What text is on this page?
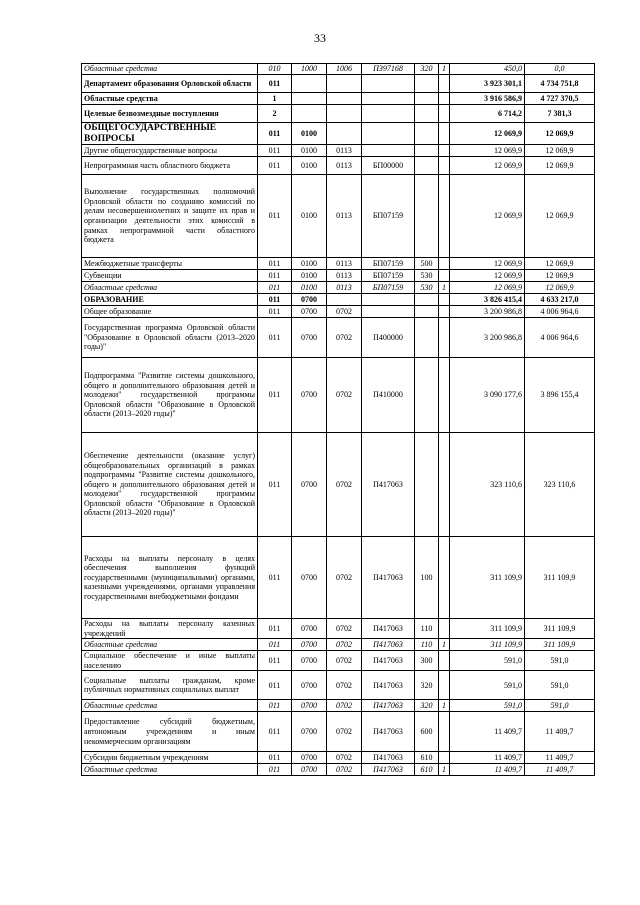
33
Областные средства	010	1000	1006	П397168	320	1	450,0	0,0
Департамент образования Орловской области	011						3 923 301,1	4 734 751,8
Областные средства	1						3 916 586,9	4 727 370,5
Целевые безвозмездные поступления	2						6 714,2	7 381,3
ОБЩЕГОСУДАРСТВЕННЫЕ ВОПРОСЫ	011	0100					12 069,9	12 069,9
Другие общегосударственные вопросы	011	0100	0113				12 069,9	12 069,9
Непрограммная часть областного бюджета	011	0100	0113	БП00000			12 069,9	12 069,9
Выполнение государственных полномочий Орловской области по созданию комиссий по делам несовершеннолетних и защите их прав и организации деятельности этих комиссий в рамках непрограммной части областного бюджета	011	0100	0113	БП07159			12 069,9	12 069,9
Межбюджетные трансферты	011	0100	0113	БП07159	500		12 069,9	12 069,9
Субвенции	011	0100	0113	БП07159	530		12 069,9	12 069,9
Областные средства	011	0100	0113	БП07159	530	1	12 069,9	12 069,9
ОБРАЗОВАНИЕ	011	0700					3 826 415,4	4 633 217,0
Общее образование	011	0700	0702				3 200 986,8	4 006 964,6
Государственная программа Орловской области "Образование в Орловской области (2013–2020 годы)"	011	0700	0702	П400000			3 200 986,8	4 006 964,6
Подпрограмма "Развитие системы дошкольного, общего и дополнительного образования детей и молодежи" государственной программы Орловской области "Образование в Орловской области (2013–2020 годы)"	011	0700	0702	П410000			3 090 177,6	3 896 155,4
Обеспечение деятельности (оказание услуг) общеобразовательных организаций в рамках подпрограммы "Развитие системы дошкольного, общего и дополнительного образования детей и молодежи" государственной программы Орловской области "Образование в Орловской области (2013–2020 годы)"	011	0700	0702	П417063			323 110,6	323 110,6
Расходы на выплаты персоналу в целях обеспечения выполнения функций государственными (муниципальными) органами, казенными учреждениями, органами управления государственными внебюджетными фондами	011	0700	0702	П417063	100		311 109,9	311 109,9
Расходы на выплаты персоналу казенных учреждений	011	0700	0702	П417063	110		311 109,9	311 109,9
Областные средства	011	0700	0702	П417063	110	1	311 109,9	311 109,9
Социальное обеспечение и иные выплаты населению	011	0700	0702	П417063	300		591,0	591,0
Социальные выплаты гражданам, кроме публичных нормативных социальных выплат	011	0700	0702	П417063	320		591,0	591,0
Областные средства	011	0700	0702	П417063	320	1	591,0	591,0
Предоставление субсидий бюджетным, автономным учреждениям и иным некоммерческим организациям	011	0700	0702	П417063	600		11 409,7	11 409,7
Субсидии бюджетным учреждениям	011	0700	0702	П417063	610		11 409,7	11 409,7
Областные средства	011	0700	0702	П417063	610	1	11 409,7	11 409,7
